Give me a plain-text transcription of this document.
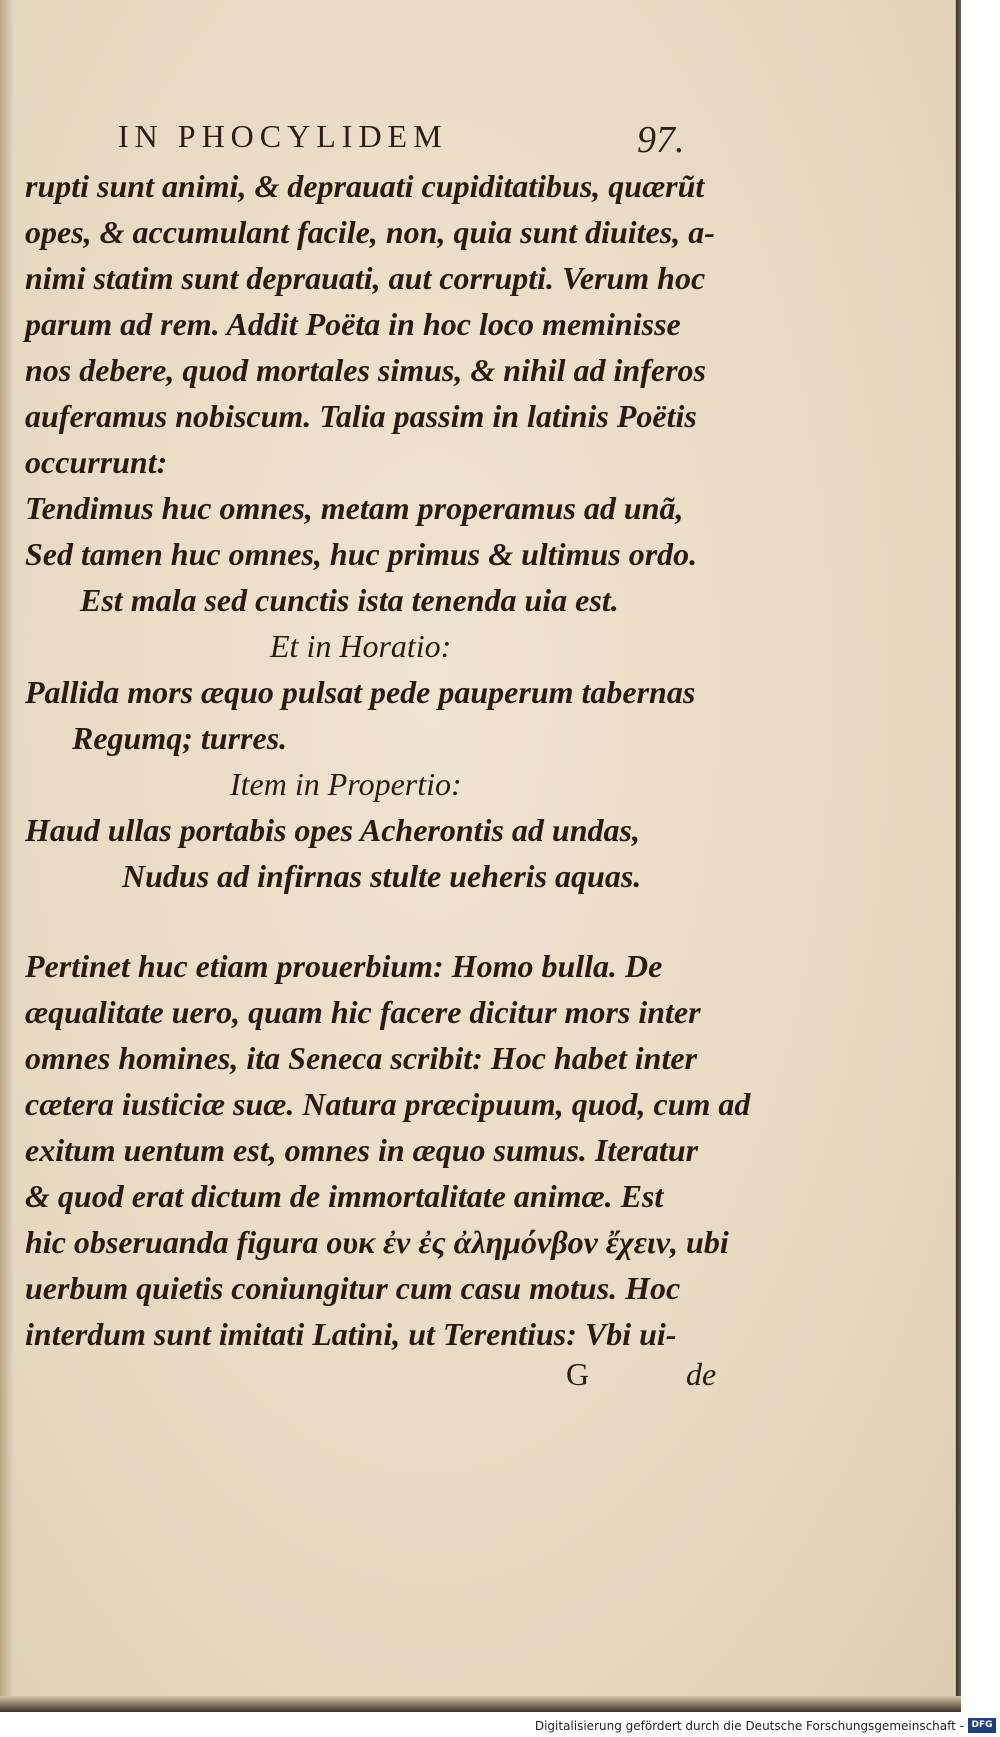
IN PHOCYLIDEM	97.
rupti sunt animi, & deprauati cupiditatibus, quærũt
opes, & accumulant facile, non, quia sunt diuites, a-
nimi statim sunt deprauati, aut corrupti. Verum hoc
parum ad rem. Addit Poëta in hoc loco meminisse
nos debere, quod mortales simus, & nihil ad inferos
auferamus nobiscum. Talia passim in latinis Poëtis
occurrunt:
Tendimus huc omnes, metam properamus ad unã,
Sed tamen huc omnes, huc primus & ultimus ordo.
Est mala sed cunctis ista tenenda uia est.
Et in Horatio:
Pallida mors æquo pulsat pede pauperum tabernas
Regumq; turres.
Item in Propertio:
Haud ullas portabis opes Acherontis ad undas,
Nudus ad infirnas stulte ueheris aquas.
Pertinet huc etiam prouerbium: Homo bulla. De
æqualitate uero, quam hic facere dicitur mors inter
omnes homines, ita Seneca scribit: Hoc habet inter
cætera iusticiæ suæ. Natura præcipuum, quod, cum ad
exitum uentum est, omnes in æquo sumus. Iteratur
& quod erat dictum de immortalitate animæ. Est
hic obseruanda figura ουκ ἐν ἐς ἀλημόνβον ἔχειν, ubi
uerbum quietis coniungitur cum casu motus. Hoc
interdum sunt imitati Latini, ut Terentius: Vbi ui-
G	de
Digitalisierung gefördert durch die Deutsche Forschungsgemeinschaft - DFG
